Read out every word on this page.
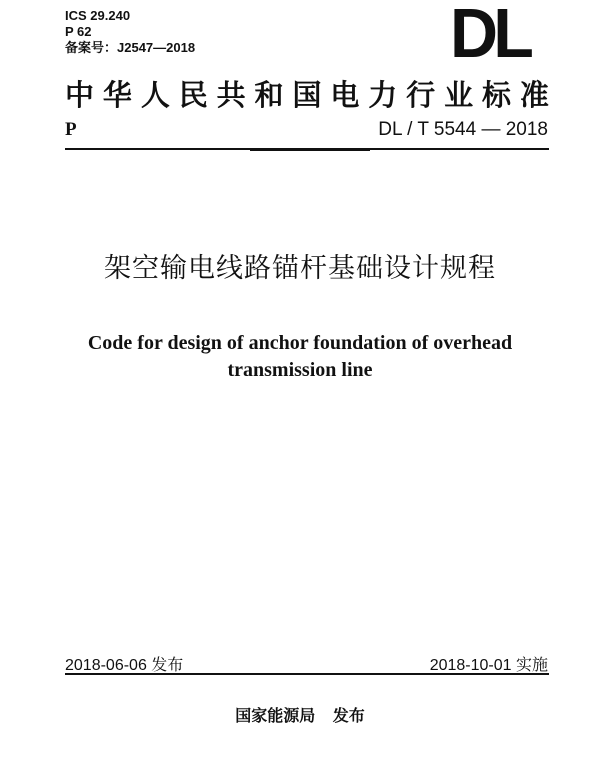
ICS 29.240
P 62
备案号：J2547—2018	DL
中 华 人 民 共 和 国 电 力 行 业 标 准
P	DL / T 5544 — 2018
架空输电线路锚杆基础设计规程
Code for design of anchor foundation of overhead
transmission line
2018-06-06 发布	2018-10-01 实施
国家能源局 发布
